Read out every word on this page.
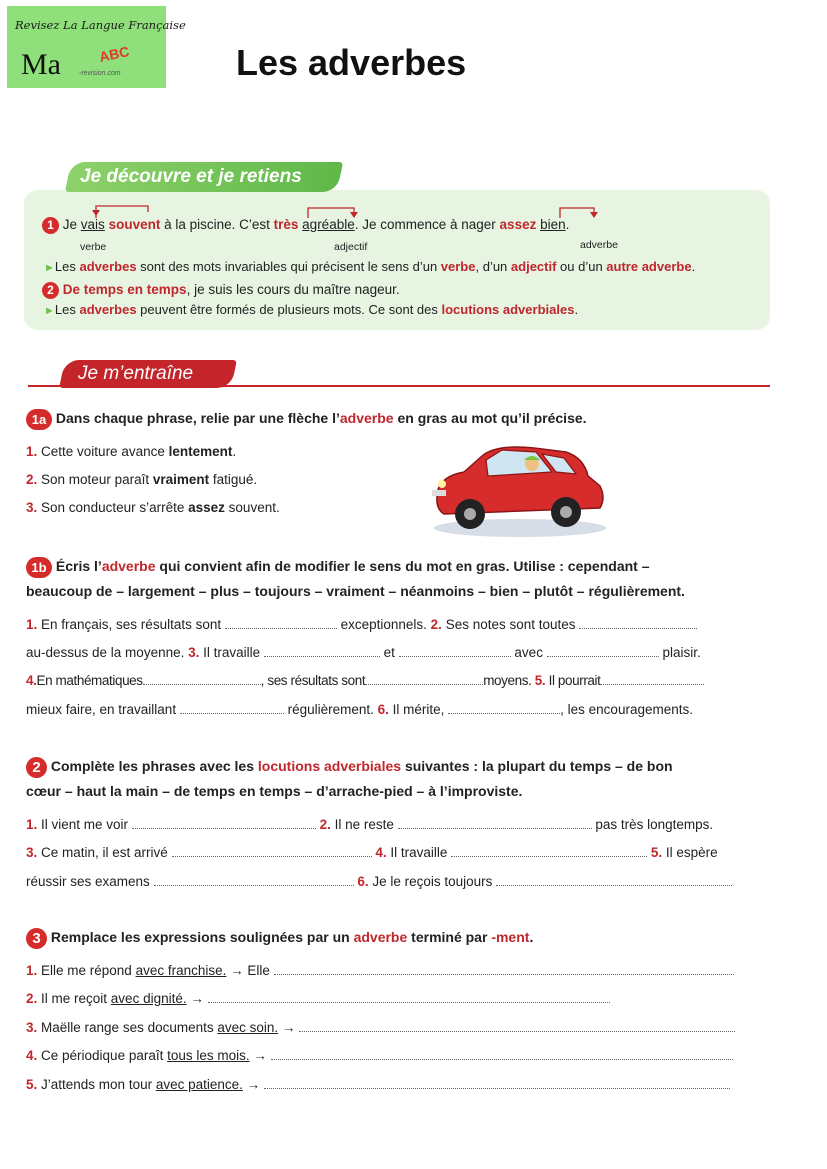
Revisez La Langue Française
Ma	ABC
-revision.com	Les adverbes
Je découvre et je retiens
1 Je vais souvent à la piscine. C’est très agréable. Je commence à nager assez bien.
verbe	adjectif	adverbe
►Les adverbes sont des mots invariables qui précisent le sens d’un verbe, d’un adjectif ou d’un autre adverbe.
2 De temps en temps, je suis les cours du maître nageur.
►Les adverbes peuvent être formés de plusieurs mots. Ce sont des locutions adverbiales.
Je m’entraîne
1a Dans chaque phrase, relie par une flèche l’adverbe en gras au mot qu’il précise.
1. Cette voiture avance lentement.
2. Son moteur paraît vraiment fatigué.
3. Son conducteur s’arrête assez souvent.
1b Écris l’adverbe qui convient afin de modifier le sens du mot en gras. Utilise : cependant –
beaucoup de – largement – plus – toujours – vraiment – néanmoins – bien – plutôt – régulièrement.
1. En français, ses résultats sont	exceptionnels. 2. Ses notes sont toutes
au-dessus de la moyenne. 3. Il travaille	et	avec	plaisir.
4.En mathématiques	, ses résultats sont	moyens. 5. Il pourrait
mieux faire, en travaillant	régulièrement. 6. Il mérite,	, les encouragements.
2 Complète les phrases avec les locutions adverbiales suivantes : la plupart du temps – de bon
cœur – haut la main – de temps en temps – d’arrache-pied – à l’improviste.
1. Il vient me voir	2. Il ne reste	pas très longtemps.
3. Ce matin, il est arrivé	4. Il travaille	5. Il espère
réussir ses examens	6. Je le reçois toujours
3 Remplace les expressions soulignées par un adverbe terminé par -ment.
1. Elle me répond avec franchise. → Elle
2. Il me reçoit avec dignité. →
3. Maëlle range ses documents avec soin. →
4. Ce périodique paraît tous les mois. →
5. J’attends mon tour avec patience. →
